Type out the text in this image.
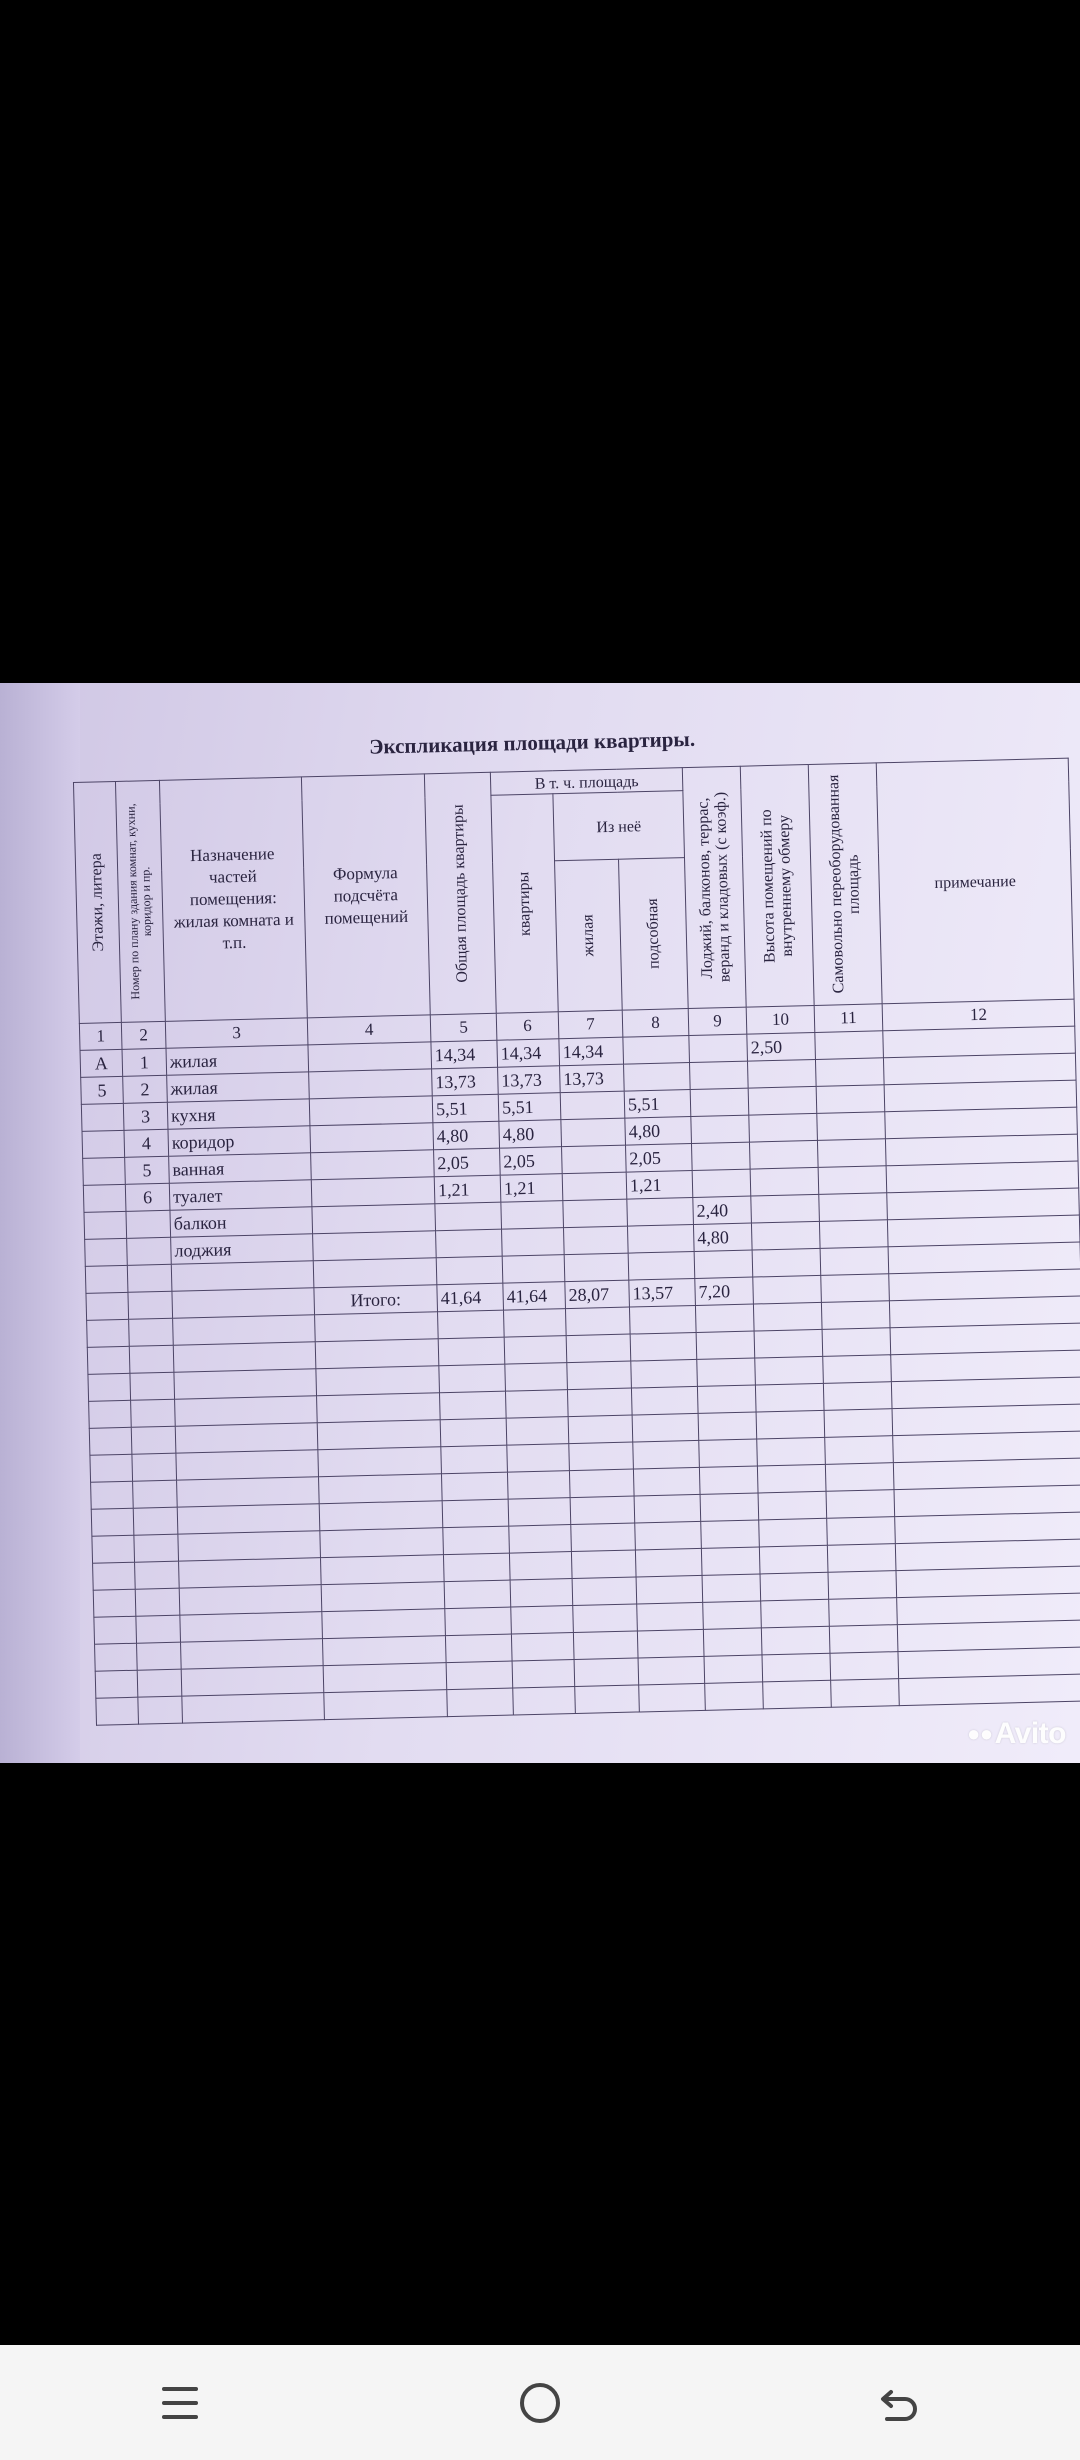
Экспликация площади квартиры.
Этажи, литера	Номер по плану здания комнат, кухни, коридор и пр.	Назначение частей помещения: жилая комната и т.п.	Формула подсчёта помещений	Общая площадь квартиры	В т. ч. площадь			Лоджий, балконов, террас, веранд и кладовых (с коэф.)	Высота помещений по внутреннему обмеру	Самовольно переоборудованная площадь	примечание

					квартиры	Из неё					

						жилая	подсобная				

1	2	3	4	5	6	7	8	9	10	11	12
А	1	жилая		14,34	14,34	14,34			2,50		
5	2	жилая		13,73	13,73	13,73					
	3	кухня		5,51	5,51		5,51				
	4	коридор		4,80	4,80		4,80				
	5	ванная		2,05	2,05		2,05				
	6	туалет		1,21	1,21		1,21				
		балкон						2,40			
		лоджия						4,80			

			Итого:	41,64	41,64	28,07	13,57	7,20			

●●Avito
